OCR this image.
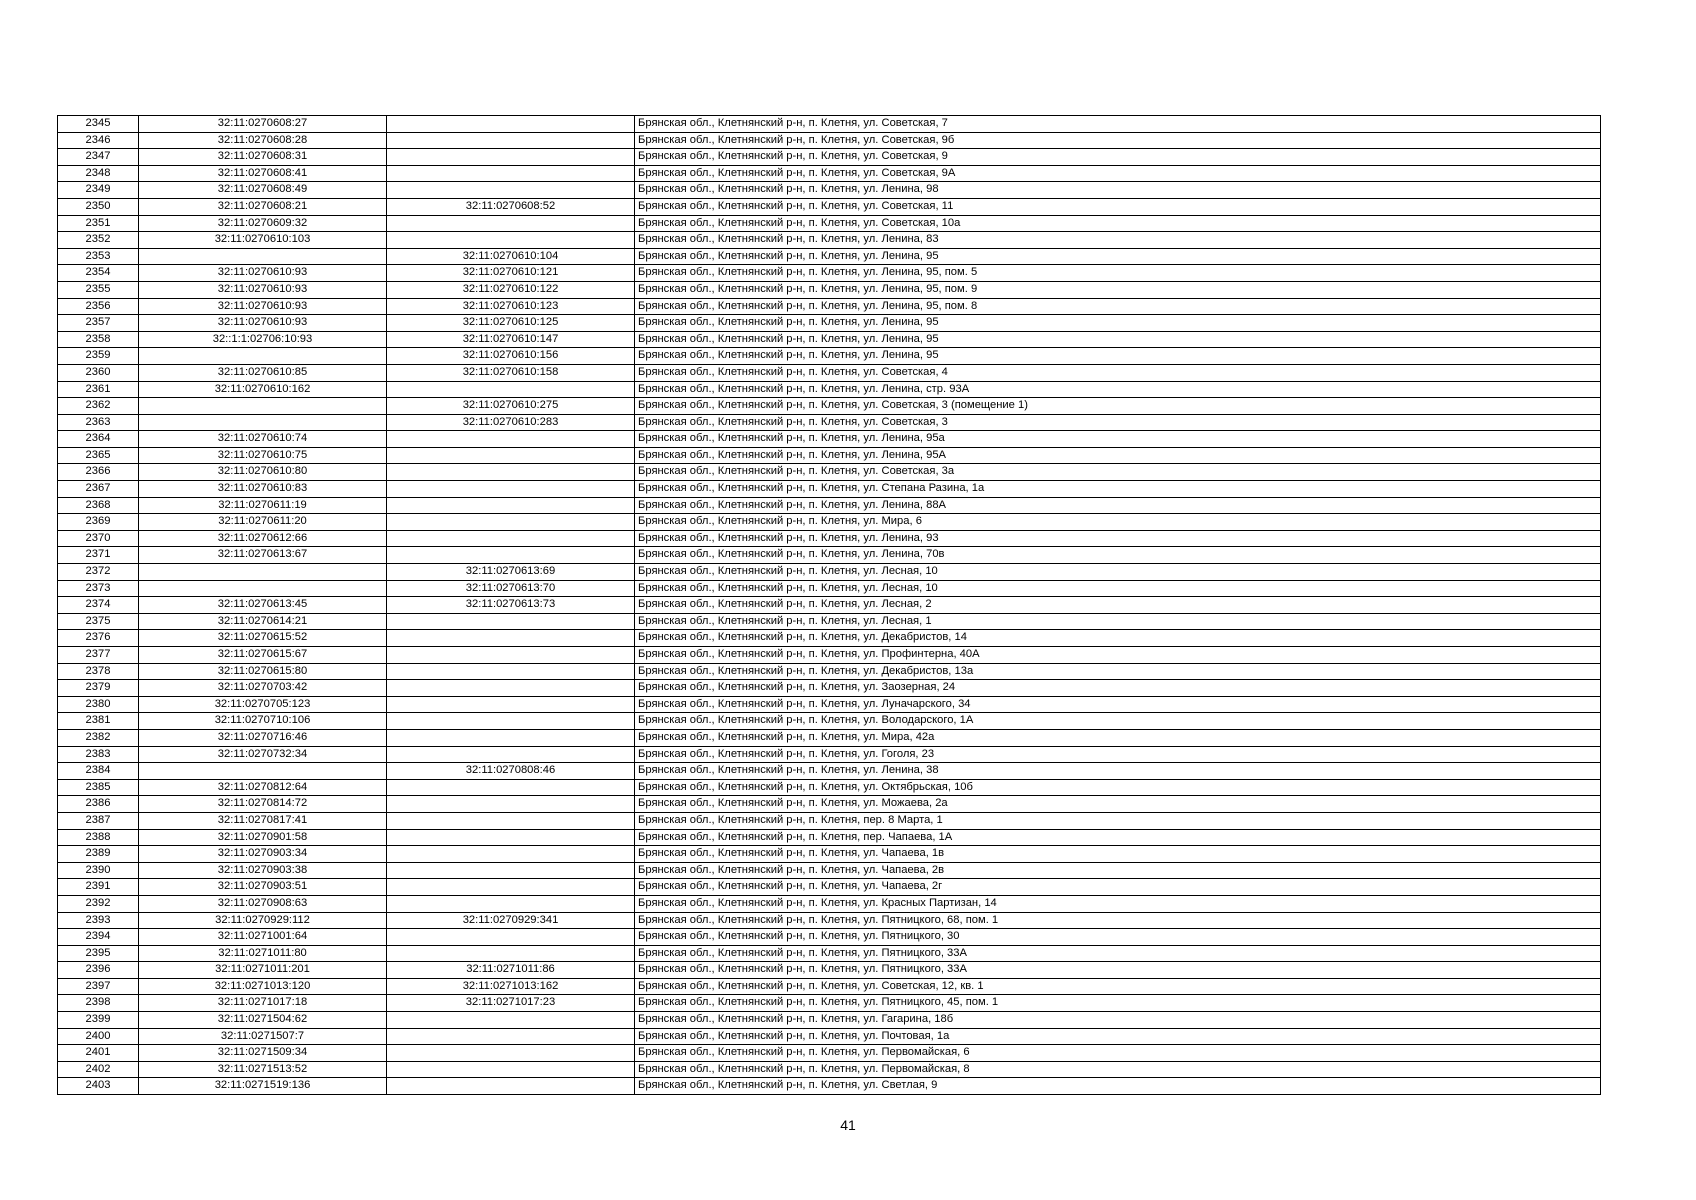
2345	32:11:0270608:27		Брянская обл., Клетнянский р-н, п. Клетня, ул. Советская, 7
2346	32:11:0270608:28		Брянская обл., Клетнянский р-н, п. Клетня, ул. Советская, 9б
2347	32:11:0270608:31		Брянская обл., Клетнянский р-н, п. Клетня, ул. Советская, 9
2348	32:11:0270608:41		Брянская обл., Клетнянский р-н, п. Клетня, ул. Советская, 9А
2349	32:11:0270608:49		Брянская обл., Клетнянский р-н, п. Клетня, ул. Ленина, 98
2350	32:11:0270608:21	32:11:0270608:52	Брянская обл., Клетнянский р-н, п. Клетня, ул. Советская, 11
2351	32:11:0270609:32		Брянская обл., Клетнянский р-н, п. Клетня, ул. Советская, 10а
2352	32:11:0270610:103		Брянская обл., Клетнянский р-н, п. Клетня, ул. Ленина, 83
2353		32:11:0270610:104	Брянская обл., Клетнянский р-н, п. Клетня, ул. Ленина, 95
2354	32:11:0270610:93	32:11:0270610:121	Брянская обл., Клетнянский р-н, п. Клетня, ул. Ленина, 95, пом. 5
2355	32:11:0270610:93	32:11:0270610:122	Брянская обл., Клетнянский р-н, п. Клетня, ул. Ленина, 95, пом. 9
2356	32:11:0270610:93	32:11:0270610:123	Брянская обл., Клетнянский р-н, п. Клетня, ул. Ленина, 95, пом. 8
2357	32:11:0270610:93	32:11:0270610:125	Брянская обл., Клетнянский р-н, п. Клетня, ул. Ленина, 95
2358	32::1:1:02706:10:93	32:11:0270610:147	Брянская обл., Клетнянский р-н, п. Клетня, ул. Ленина, 95
2359		32:11:0270610:156	Брянская обл., Клетнянский р-н, п. Клетня, ул. Ленина, 95
2360	32:11:0270610:85	32:11:0270610:158	Брянская обл., Клетнянский р-н, п. Клетня, ул. Советская, 4
2361	32:11:0270610:162		Брянская обл., Клетнянский р-н, п. Клетня, ул. Ленина, стр. 93А
2362		32:11:0270610:275	Брянская обл., Клетнянский р-н, п. Клетня, ул. Советская, 3 (помещение 1)
2363		32:11:0270610:283	Брянская обл., Клетнянский р-н, п. Клетня, ул. Советская, 3
2364	32:11:0270610:74		Брянская обл., Клетнянский р-н, п. Клетня, ул. Ленина, 95а
2365	32:11:0270610:75		Брянская обл., Клетнянский р-н, п. Клетня, ул. Ленина, 95А
2366	32:11:0270610:80		Брянская обл., Клетнянский р-н, п. Клетня, ул. Советская, 3а
2367	32:11:0270610:83		Брянская обл., Клетнянский р-н, п. Клетня, ул. Степана Разина, 1а
2368	32:11:0270611:19		Брянская обл., Клетнянский р-н, п. Клетня, ул. Ленина, 88А
2369	32:11:0270611:20		Брянская обл., Клетнянский р-н, п. Клетня, ул. Мира, 6
2370	32:11:0270612:66		Брянская обл., Клетнянский р-н, п. Клетня, ул. Ленина, 93
2371	32:11:0270613:67		Брянская обл., Клетнянский р-н, п. Клетня, ул. Ленина, 70в
2372		32:11:0270613:69	Брянская обл., Клетнянский р-н, п. Клетня, ул. Лесная, 10
2373		32:11:0270613:70	Брянская обл., Клетнянский р-н, п. Клетня, ул. Лесная, 10
2374	32:11:0270613:45	32:11:0270613:73	Брянская обл., Клетнянский р-н, п. Клетня, ул. Лесная, 2
2375	32:11:0270614:21		Брянская обл., Клетнянский р-н, п. Клетня, ул. Лесная, 1
2376	32:11:0270615:52		Брянская обл., Клетнянский р-н, п. Клетня, ул. Декабристов, 14
2377	32:11:0270615:67		Брянская обл., Клетнянский р-н, п. Клетня, ул. Профинтерна, 40А
2378	32:11:0270615:80		Брянская обл., Клетнянский р-н, п. Клетня, ул. Декабристов, 13а
2379	32:11:0270703:42		Брянская обл., Клетнянский р-н, п. Клетня, ул. Заозерная, 24
2380	32:11:0270705:123		Брянская обл., Клетнянский р-н, п. Клетня, ул. Луначарского, 34
2381	32:11:0270710:106		Брянская обл., Клетнянский р-н, п. Клетня, ул. Володарского, 1А
2382	32:11:0270716:46		Брянская обл., Клетнянский р-н, п. Клетня, ул. Мира, 42а
2383	32:11:0270732:34		Брянская обл., Клетнянский р-н, п. Клетня, ул. Гоголя, 23
2384		32:11:0270808:46	Брянская обл., Клетнянский р-н, п. Клетня, ул. Ленина, 38
2385	32:11:0270812:64		Брянская обл., Клетнянский р-н, п. Клетня, ул. Октябрьская, 10б
2386	32:11:0270814:72		Брянская обл., Клетнянский р-н, п. Клетня, ул. Можаева, 2а
2387	32:11:0270817:41		Брянская обл., Клетнянский р-н, п. Клетня, пер. 8 Марта, 1
2388	32:11:0270901:58		Брянская обл., Клетнянский р-н, п. Клетня, пер. Чапаева, 1А
2389	32:11:0270903:34		Брянская обл., Клетнянский р-н, п. Клетня, ул. Чапаева, 1в
2390	32:11:0270903:38		Брянская обл., Клетнянский р-н, п. Клетня, ул. Чапаева, 2в
2391	32:11:0270903:51		Брянская обл., Клетнянский р-н, п. Клетня, ул. Чапаева, 2г
2392	32:11:0270908:63		Брянская обл., Клетнянский р-н, п. Клетня, ул. Красных Партизан, 14
2393	32:11:0270929:112	32:11:0270929:341	Брянская обл., Клетнянский р-н, п. Клетня, ул. Пятницкого, 68, пом. 1
2394	32:11:0271001:64		Брянская обл., Клетнянский р-н, п. Клетня, ул. Пятницкого, 30
2395	32:11:0271011:80		Брянская обл., Клетнянский р-н, п. Клетня, ул. Пятницкого, 33А
2396	32:11:0271011:201	32:11:0271011:86	Брянская обл., Клетнянский р-н, п. Клетня, ул. Пятницкого, 33А
2397	32:11:0271013:120	32:11:0271013:162	Брянская обл., Клетнянский р-н, п. Клетня, ул. Советская, 12, кв. 1
2398	32:11:0271017:18	32:11:0271017:23	Брянская обл., Клетнянский р-н, п. Клетня, ул. Пятницкого, 45, пом. 1
2399	32:11:0271504:62		Брянская обл., Клетнянский р-н, п. Клетня, ул. Гагарина, 18б
2400	32:11:0271507:7		Брянская обл., Клетнянский р-н, п. Клетня, ул. Почтовая, 1а
2401	32:11:0271509:34		Брянская обл., Клетнянский р-н, п. Клетня, ул. Первомайская, 6
2402	32:11:0271513:52		Брянская обл., Клетнянский р-н, п. Клетня, ул. Первомайская, 8
2403	32:11:0271519:136		Брянская обл., Клетнянский р-н, п. Клетня, ул. Светлая, 9
41
